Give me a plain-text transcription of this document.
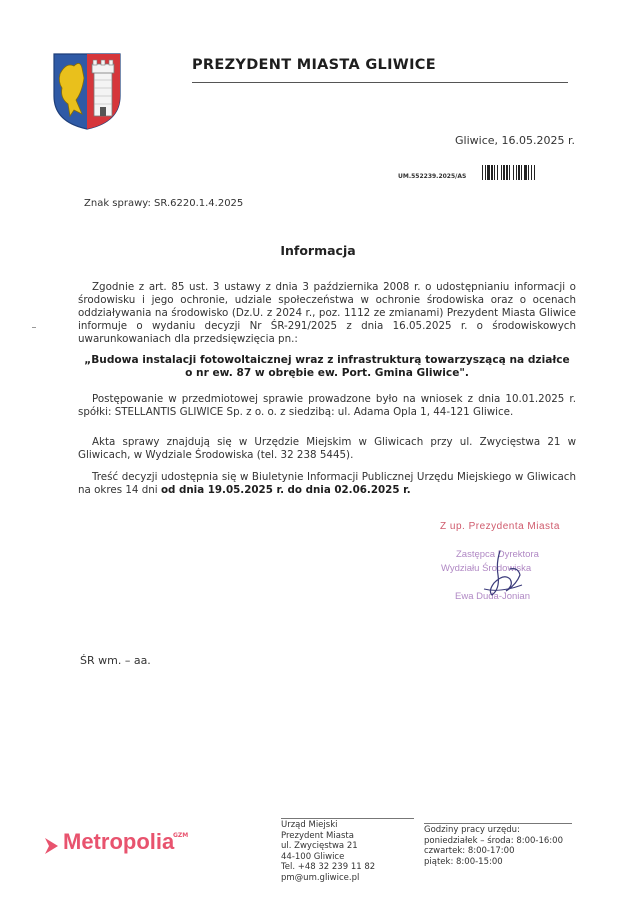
PREZYDENT MIASTA GLIWICE
Gliwice, 16.05.2025 r.
UM.552239.2025/AS
Znak sprawy: SR.6220.1.4.2025
Informacja

Zgodnie z art. 85 ust. 3 ustawy z dnia 3 października 2008 r. o udostępnianiu informacji o środowisku i jego ochronie, udziale społeczeństwa w ochronie środowiska oraz o ocenach oddziaływania na środowisko (Dz.U. z 2024 r., poz. 1112 ze zmianami) Prezydent Miasta Gliwice informuje o wydaniu decyzji Nr ŚR-291/2025 z dnia 16.05.2025 r. o środowiskowych uwarunkowaniach dla przedsięwzięcia pn.:

„Budowa instalacji fotowoltaicznej wraz z infrastrukturą towarzyszącą na działce
o nr ew. 87 w obrębie ew. Port. Gmina Gliwice".

Postępowanie w przedmiotowej sprawie prowadzone było na wniosek z dnia 10.01.2025 r. spółki: STELLANTIS GLIWICE Sp. z o. o. z siedzibą: ul. Adama Opla 1, 44-121 Gliwice.

Akta sprawy znajdują się w Urzędzie Miejskim w Gliwicach przy ul. Zwycięstwa 21 w Gliwicach, w Wydziale Środowiska (tel. 32 238 5445).

Treść decyzji udostępnia się w Biuletynie Informacji Publicznej Urzędu Miejskiego w Gliwicach na okres 14 dni od dnia 19.05.2025 r. do dnia 02.06.2025 r.

Z up. Prezydenta Miasta
Zastępca Dyrektora
Wydziału Środowiska
Ewa Duda-Jonian
ŚR wm. – aa.
Metropolia
GZM
Urząd Miejski
Prezydent Miasta
ul. Zwycięstwa 21
44-100 Gliwice
Tel. +48 32 239 11 82
pm@um.gliwice.pl
Godziny pracy urzędu:
poniedziałek – środa: 8:00-16:00
czwartek: 8:00-17:00
piątek: 8:00-15:00
